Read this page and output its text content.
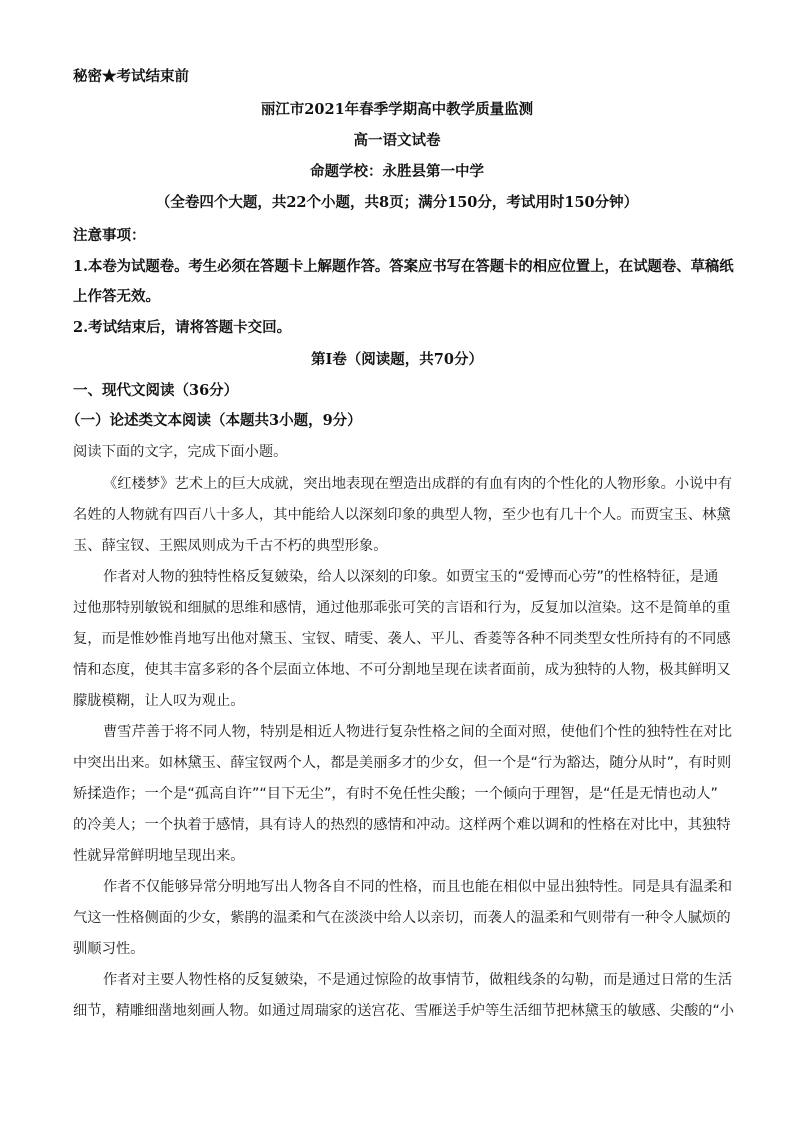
秘密★考试结束前
丽江市2021年春季学期高中教学质量监测
高一语文试卷
命题学校：永胜县第一中学
（全卷四个大题，共22个小题，共8页；满分150分，考试用时150分钟）
注意事项：
1.本卷为试题卷。考生必须在答题卡上解题作答。答案应书写在答题卡的相应位置上，在试题卷、草稿纸
上作答无效。
2.考试结束后，请将答题卡交回。
第Ⅰ卷（阅读题，共70分）
一、现代文阅读（36分）
（一）论述类文本阅读（本题共3小题，9分）
阅读下面的文字，完成下面小题。
《红楼梦》艺术上的巨大成就，突出地表现在塑造出成群的有血有肉的个性化的人物形象。小说中有
名姓的人物就有四百八十多人，其中能给人以深刻印象的典型人物，至少也有几十个人。而贾宝玉、林黛
玉、薛宝钗、王熙凤则成为千古不朽的典型形象。
作者对人物的独特性格反复皴染，给人以深刻的印象。如贾宝玉的“爱博而心劳”的性格特征，是通
过他那特别敏锐和细腻的思维和感情，通过他那乖张可笑的言语和行为，反复加以渲染。这不是简单的重
复，而是惟妙惟肖地写出他对黛玉、宝钗、晴雯、袭人、平儿、香菱等各种不同类型女性所持有的不同感
情和态度，使其丰富多彩的各个层面立体地、不可分割地呈现在读者面前，成为独特的人物，极其鲜明又
朦胧模糊，让人叹为观止。
曹雪芹善于将不同人物，特别是相近人物进行复杂性格之间的全面对照，使他们个性的独特性在对比
中突出出来。如林黛玉、薛宝钗两个人，都是美丽多才的少女，但一个是“行为豁达，随分从时”，有时则
矫揉造作；一个是“孤高自许”“目下无尘”，有时不免任性尖酸；一个倾向于理智，是“任是无情也动人”
的冷美人；一个执着于感情，具有诗人的热烈的感情和冲动。这样两个难以调和的性格在对比中，其独特
性就异常鲜明地呈现出来。
作者不仅能够异常分明地写出人物各自不同的性格，而且也能在相似中显出独特性。同是具有温柔和
气这一性格侧面的少女，紫鹃的温柔和气在淡淡中给人以亲切，而袭人的温柔和气则带有一种令人腻烦的
驯顺习性。
作者对主要人物性格的反复皴染，不是通过惊险的故事情节，做粗线条的勾勒，而是通过日常的生活
细节，精雕细凿地刻画人物。如通过周瑞家的送宫花、雪雁送手炉等生活细节把林黛玉的敏感、尖酸的“小
